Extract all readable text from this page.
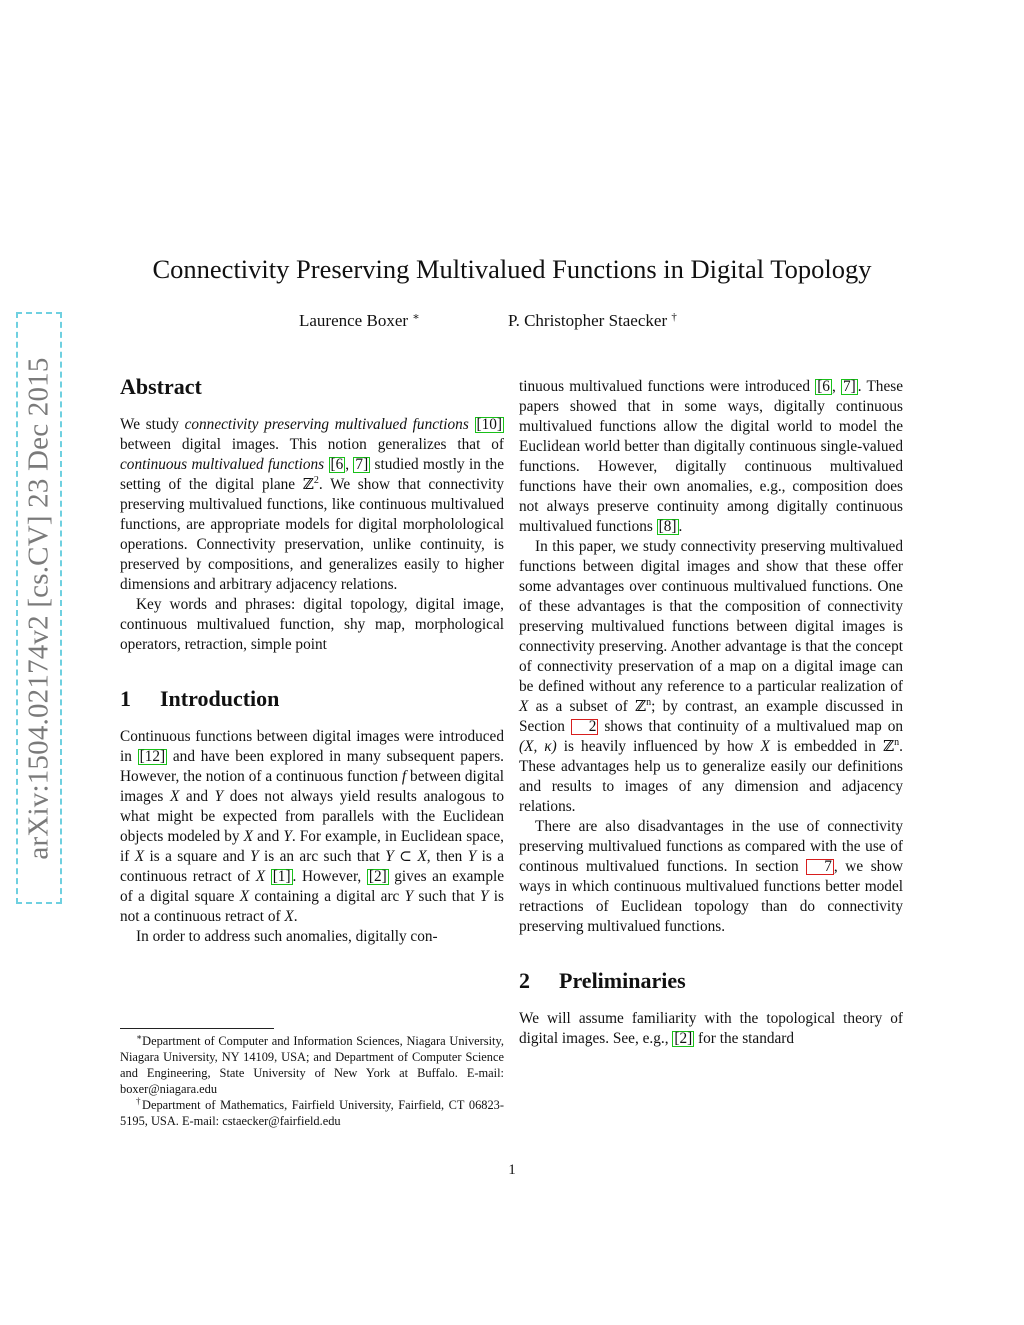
arXiv:1504.02174v2 [cs.CV] 23 Dec 2015
Connectivity Preserving Multivalued Functions in Digital Topology
Laurence Boxer ∗	P. Christopher Staecker †
Abstract

We study connectivity preserving multivalued functions [10] between digital images. This notion generalizes that of continuous multivalued functions [6 , 7] studied mostly in the setting of the digital plane ℤ$^2$. We show that connectivity preserving multivalued functions, like continuous multivalued functions, are appropriate models for digital morpholological operations. Connectivity preservation, unlike continuity, is preserved by compositions, and generalizes easily to higher dimensions and arbitrary adjacency relations.

Key words and phrases: digital topology, digital image, continuous multivalued function, shy map, morphological operators, retraction, simple point

1 Introduction

Continuous functions between digital images were introduced in [12] and have been explored in many subsequent papers. However, the notion of a continuous function f between digital images X and Y does not always yield results analogous to what might be expected from parallels with the Euclidean objects modeled by X and Y. For example, in Euclidean space, if X is a square and Y is an arc such that Y ⊂ X, then Y is a continuous retract of X [1] . However, [2] gives an example of a digital square X containing a digital arc Y such that Y is not a continuous retract of X.

In order to address such anomalies, digitally con-

∗Department of Computer and Information Sciences, Niagara University, Niagara University, NY 14109, USA; and Department of Computer Science and Engineering, State University of New York at Buffalo. E-mail: boxer@niagara.edu

†Department of Mathematics, Fairfield University, Fairfield, CT 06823-5195, USA. E-mail: cstaecker@fairfield.edu

tinuous multivalued functions were introduced [6 , 7] . These papers showed that in some ways, digitally continuous multivalued functions allow the digital world to model the Euclidean world better than digitally continuous single-valued functions. However, digitally continuous multivalued functions have their own anomalies, e.g., composition does not always preserve continuity among digitally continuous multivalued functions [8] .

In this paper, we study connectivity preserving multivalued functions between digital images and show that these offer some advantages over continuous multivalued functions. One of these advantages is that the composition of connectivity preserving multivalued functions between digital images is connectivity preserving. Another advantage is that the concept of connectivity preservation of a map on a digital image can be defined without any reference to a particular realization of X as a subset of ℤ$^n$; by contrast, an example discussed in Section 2 shows that continuity of a multivalued map on (X, κ) is heavily influenced by how X is embedded in ℤ$^n$. These advantages help us to generalize easily our definitions and results to images of any dimension and adjacency relations.

There are also disadvantages in the use of connectivity preserving multivalued functions as compared with the use of continous multivalued functions. In section 7 , we show ways in which continuous multivalued functions better model retractions of Euclidean topology than do connectivity preserving multivalued functions.

2 Preliminaries

We will assume familiarity with the topological theory of digital images. See, e.g., [2] for the standard

1
